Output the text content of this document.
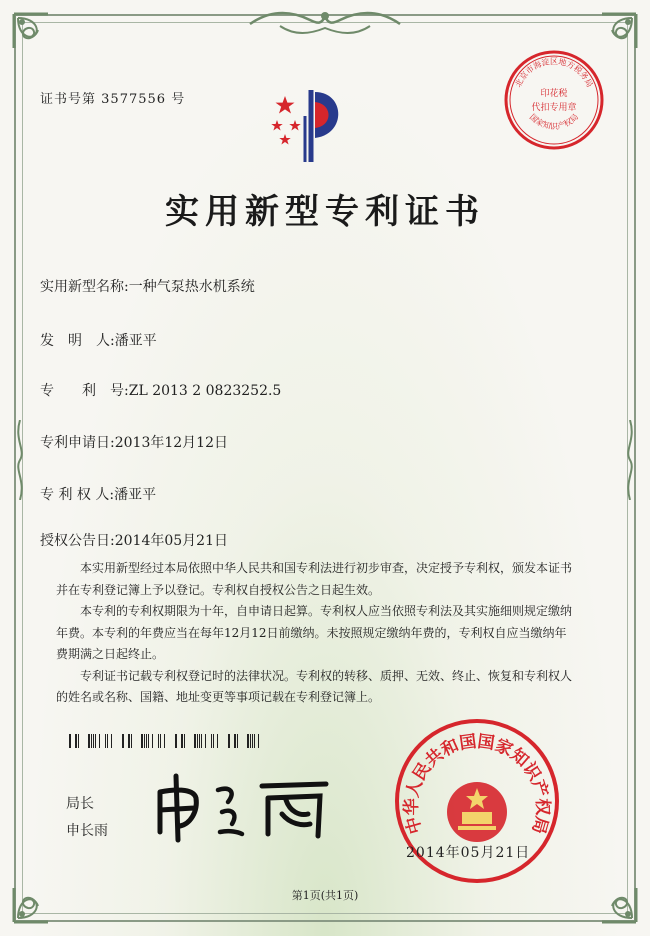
证书号第 3577556 号
北京市海淀区地方税务局
印花税
代扣专用章
国家知识产权局
实用新型专利证书
实用新型名称:一种气泵热水机系统
发　明　人:潘亚平
专　　利　号:ZL 2013 2 0823252.5
专利申请日:2013年12月12日
专 利 权 人:潘亚平
授权公告日:2014年05月21日

本实用新型经过本局依照中华人民共和国专利法进行初步审查，决定授予专利权，颁发本证书并在专利登记簿上予以登记。专利权自授权公告之日起生效。

本专利的专利权期限为十年，自申请日起算。专利权人应当依照专利法及其实施细则规定缴纳年费。本专利的年费应当在每年12月12日前缴纳。未按照规定缴纳年费的，专利权自应当缴纳年费期满之日起终止。

专利证书记载专利权登记时的法律状况。专利权的转移、质押、无效、终止、恢复和专利权人的姓名或名称、国籍、地址变更等事项记载在专利登记簿上。

局长
申长雨	中华人民共和国国家知识产权局
2014年05月21日
第1页(共1页)
